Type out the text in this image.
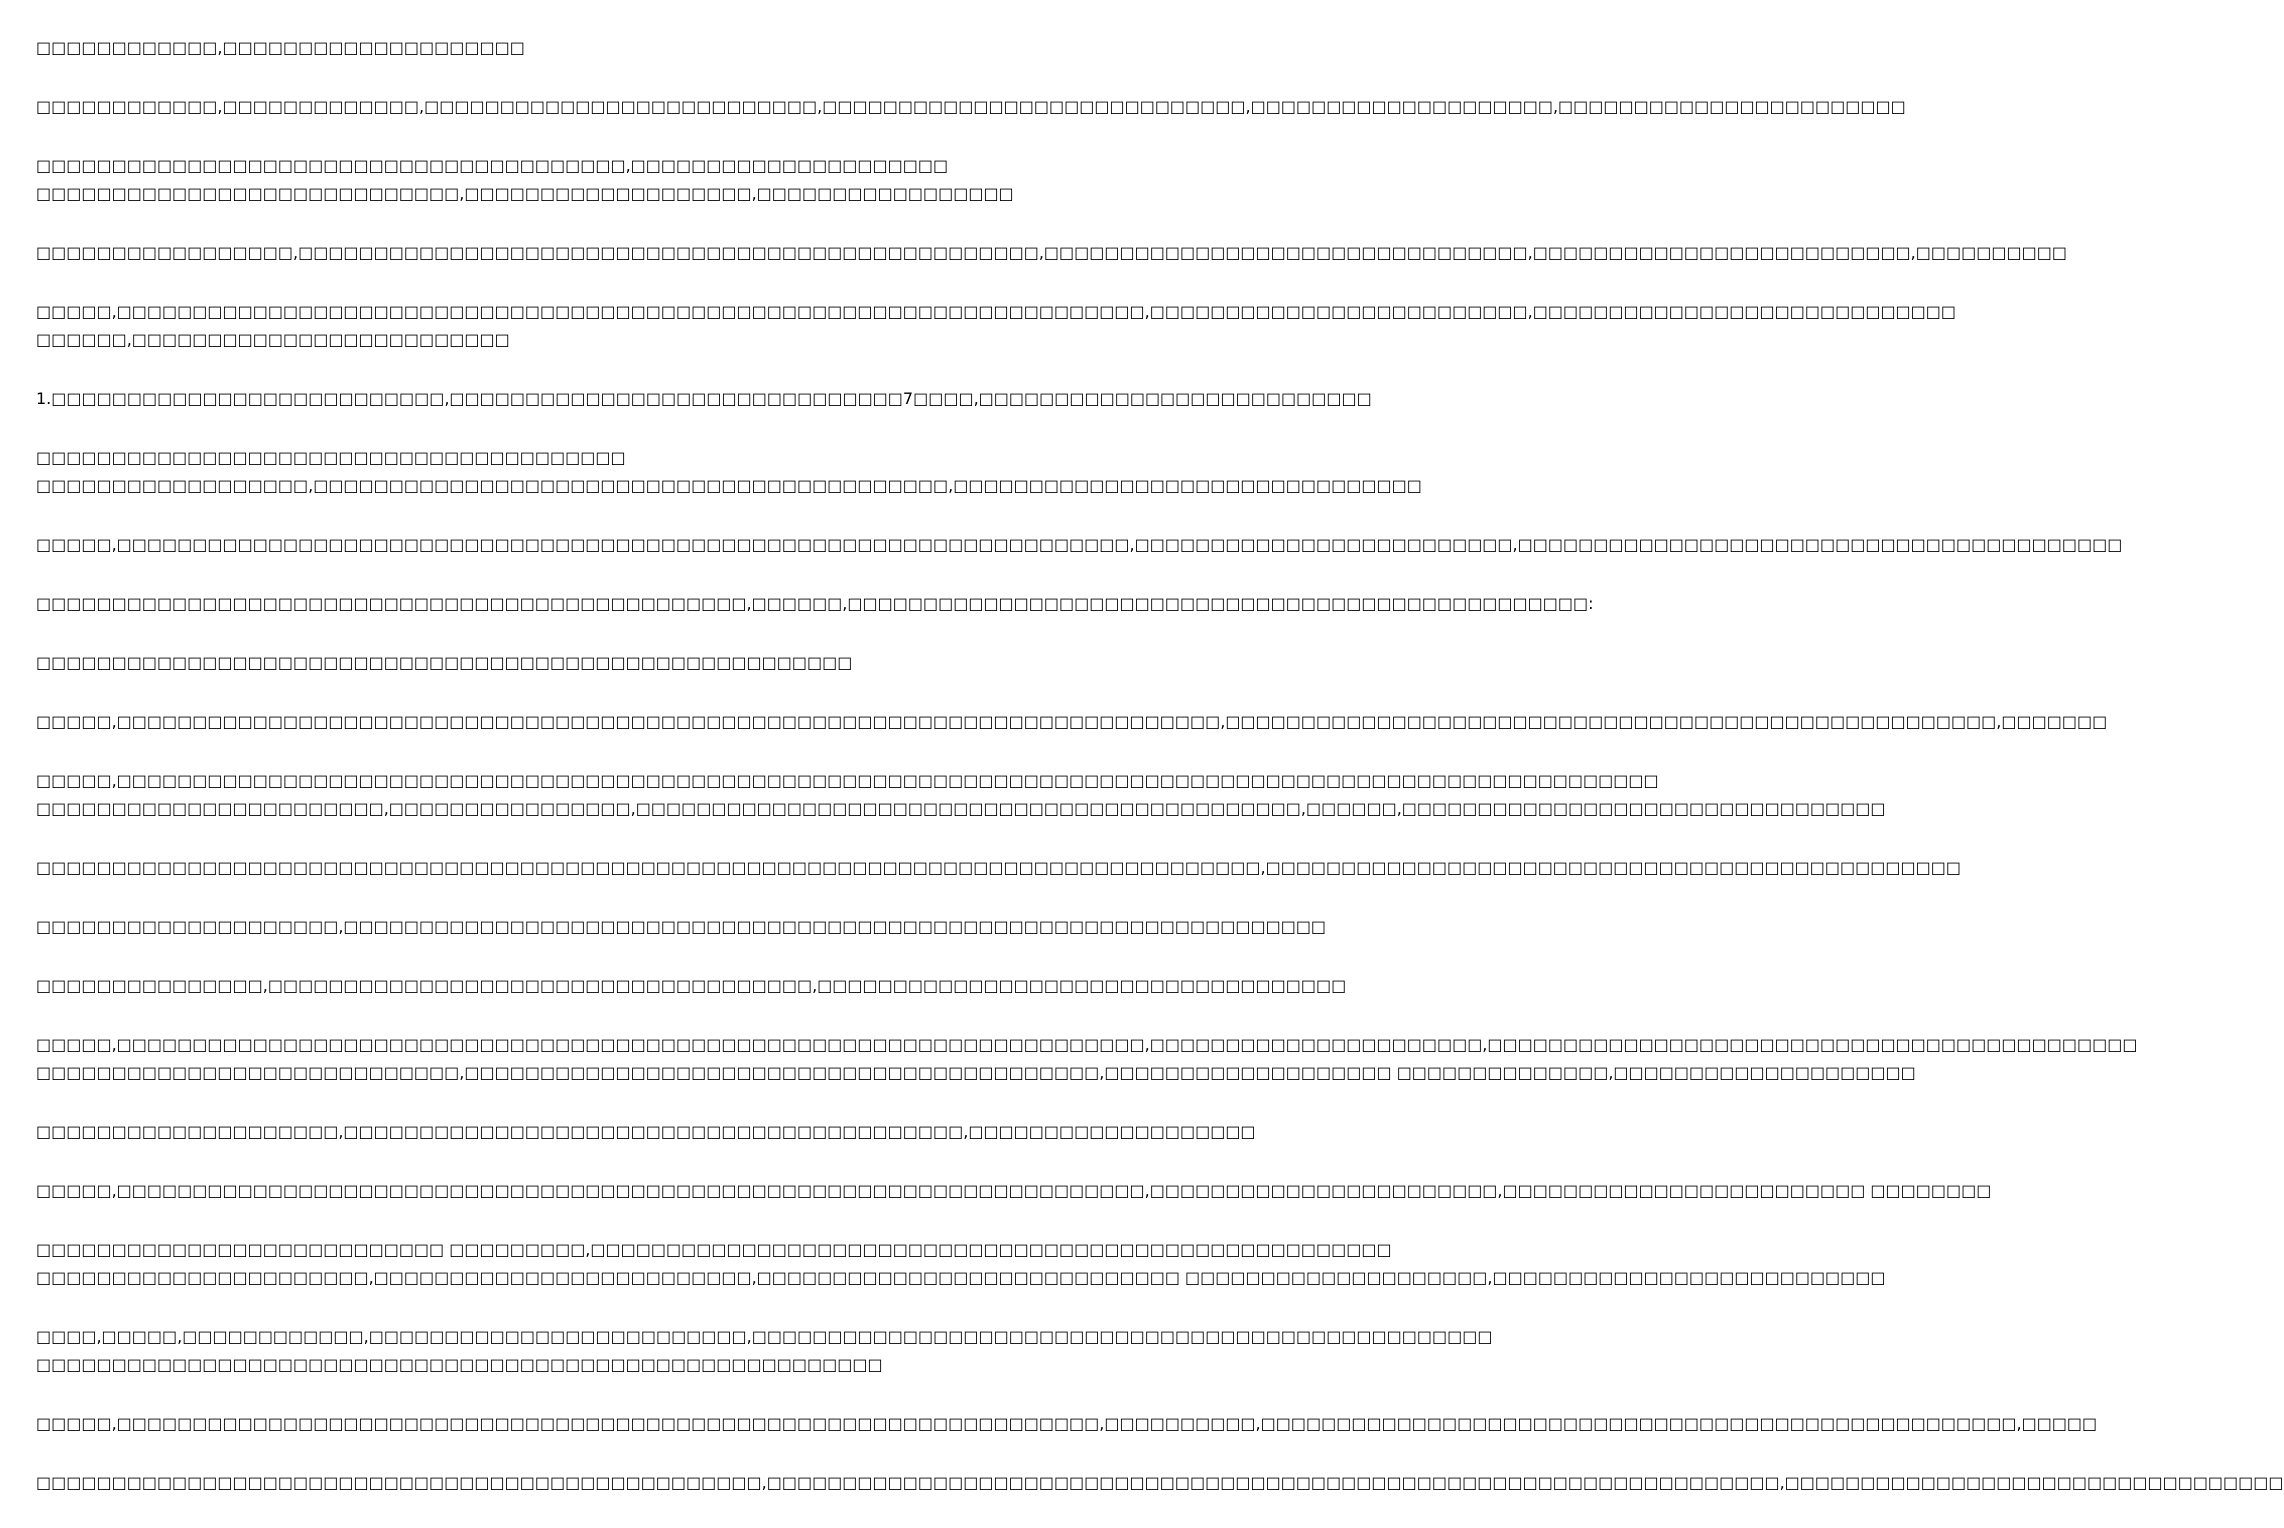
□□□□□□□□□□□□,□□□□□□□□□□□□□□□□□□□□
□□□□□□□□□□□□,□□□□□□□□□□□□□,□□□□□□□□□□□□□□□□□□□□□□□□□□,□□□□□□□□□□□□□□□□□□□□□□□□□□□□,□□□□□□□□□□□□□□□□□□□□,□□□□□□□□□□□□□□□□□□□□□□□
□□□□□□□□□□□□□□□□□□□□□□□□□□□□□□□□□□□□□□□,□□□□□□□□□□□□□□□□□□□□□
□□□□□□□□□□□□□□□□□□□□□□□□□□□□,□□□□□□□□□□□□□□□□□□□,□□□□□□□□□□□□□□□□□
□□□□□□□□□□□□□□□□□,□□□□□□□□□□□□□□□□□□□□□□□□□□□□□□□□□□□□□□□□□□□□□□□□□,□□□□□□□□□□□□□□□□□□□□□□□□□□□□□□□□,□□□□□□□□□□□□□□□□□□□□□□□□□,□□□□□□□□□□
□□□□□,□□□□□□□□□□□□□□□□□□□□□□□□□□□□□□□□□□□□□□□□□□□□□□□□□□□□□□□□□□□□□□□□□□□□,□□□□□□□□□□□□□□□□□□□□□□□□□,□□□□□□□□□□□□□□□□□□□□□□□□□□□□
□□□□□□,□□□□□□□□□□□□□□□□□□□□□□□□□
1.□□□□□□□□□□□□□□□□□□□□□□□□□□,□□□□□□□□□□□□□□□□□□□□□□□□□□□□□□7□□□□,□□□□□□□□□□□□□□□□□□□□□□□□□□
□□□□□□□□□□□□□□□□□□□□□□□□□□□□□□□□□□□□□□□
□□□□□□□□□□□□□□□□□□,□□□□□□□□□□□□□□□□□□□□□□□□□□□□□□□□□□□□□□□□□□,□□□□□□□□□□□□□□□□□□□□□□□□□□□□□□□
□□□□□,□□□□□□□□□□□□□□□□□□□□□□□□□□□□□□□□□□□□□□□□□□□□□□□□□□□□□□□□□□□□□□□□□□□,□□□□□□□□□□□□□□□□□□□□□□□□□,□□□□□□□□□□□□□□□□□□□□□□□□□□□□□□□□□□□□□□□□
□□□□□□□□□□□□□□□□□□□□□□□□□□□□□□□□□□□□□□□□□□□□□□□,□□□□□□,□□□□□□□□□□□□□□□□□□□□□□□□□□□□□□□□□□□□□□□□□□□□□□□□□:
□□□□□□□□□□□□□□□□□□□□□□□□□□□□□□□□□□□□□□□□□□□□□□□□□□□□□□
□□□□□,□□□□□□□□□□□□□□□□□□□□□□□□□□□□□□□□□□□□□□□□□□□□□□□□□□□□□□□□□□□□□□□□□□□□□□□□□,□□□□□□□□□□□□□□□□□□□□□□□□□□□□□□□□□□□□□□□□□□□□□□□□□□□,□□□□□□□
□□□□□,□□□□□□□□□□□□□□□□□□□□□□□□□□□□□□□□□□□□□□□□□□□□□□□□□□□□□□□□□□□□□□□□□□□□□□□□□□□□□□□□□□□□□□□□□□□□□□□□□□□□□□
□□□□□□□□□□□□□□□□□□□□□□□,□□□□□□□□□□□□□□□□,□□□□□□□□□□□□□□□□□□□□□□□□□□□□□□□□□□□□□□□□□□□□,□□□□□□,□□□□□□□□□□□□□□□□□□□□□□□□□□□□□□□□
□□□□□□□□□□□□□□□□□□□□□□□□□□□□□□□□□□□□□□□□□□□□□□□□□□□□□□□□□□□□□□□□□□□□□□□□□□□□□□□□□,□□□□□□□□□□□□□□□□□□□□□□□□□□□□□□□□□□□□□□□□□□□□□□
□□□□□□□□□□□□□□□□□□□□,□□□□□□□□□□□□□□□□□□□□□□□□□□□□□□□□□□□□□□□□□□□□□□□□□□□□□□□□□□□□□□□□□
□□□□□□□□□□□□□□□,□□□□□□□□□□□□□□□□□□□□□□□□□□□□□□□□□□□□,□□□□□□□□□□□□□□□□□□□□□□□□□□□□□□□□□□□
□□□□□,□□□□□□□□□□□□□□□□□□□□□□□□□□□□□□□□□□□□□□□□□□□□□□□□□□□□□□□□□□□□□□□□□□□□,□□□□□□□□□□□□□□□□□□□□□□,□□□□□□□□□□□□□□□□□□□□□□□□□□□□□□□□□□□□□□□□□□□
□□□□□□□□□□□□□□□□□□□□□□□□□□□□,□□□□□□□□□□□□□□□□□□□□□□□□□□□□□□□□□□□□□□□□□□,□□□□□□□□□□□□□□□□□□□ □□□□□□□□□□□□□□,□□□□□□□□□□□□□□□□□□□□
□□□□□□□□□□□□□□□□□□□□,□□□□□□□□□□□□□□□□□□□□□□□□□□□□□□□□□□□□□□□□□,□□□□□□□□□□□□□□□□□□□
□□□□□,□□□□□□□□□□□□□□□□□□□□□□□□□□□□□□□□□□□□□□□□□□□□□□□□□□□□□□□□□□□□□□□□□□□□,□□□□□□□□□□□□□□□□□□□□□□□,□□□□□□□□□□□□□□□□□□□□□□□□ □□□□□□□□
□□□□□□□□□□□□□□□□□□□□□□□□□□□ □□□□□□□□□,□□□□□□□□□□□□□□□□□□□□□□□□□□□□□□□□□□□□□□□□□□□□□□□□□□□□□
□□□□□□□□□□□□□□□□□□□□□□,□□□□□□□□□□□□□□□□□□□□□□□□□,□□□□□□□□□□□□□□□□□□□□□□□□□□□□ □□□□□□□□□□□□□□□□□□□□,□□□□□□□□□□□□□□□□□□□□□□□□□□
□□□□,□□□□□,□□□□□□□□□□□□,□□□□□□□□□□□□□□□□□□□□□□□□□,□□□□□□□□□□□□□□□□□□□□□□□□□□□□□□□□□□□□□□□□□□□□□□□□□
□□□□□□□□□□□□□□□□□□□□□□□□□□□□□□□□□□□□□□□□□□□□□□□□□□□□□□□□
□□□□□,□□□□□□□□□□□□□□□□□□□□□□□□□□□□□□□□□□□□□□□□□□□□□□□□□□□□□□□□□□□□□□□□□,□□□□□□□□□□,□□□□□□□□□□□□□□□□□□□□□□□□□□□□□□□□□□□□□□□□□□□□□□□□□□,□□□□□
□□□□□□□□□□□□□□□□□□□□□□□□□□□□□□□□□□□□□□□□□□□□□□□□,□□□□□□□□□□□□□□□□□□□□□□□□□□□□□□□□□□□□□□□□□□□□□□□□□□□□□□□□□□□□□□□□□□□,□□□□□□□□□□□□□□□□□□□□□□□□□□□□□□□□□
